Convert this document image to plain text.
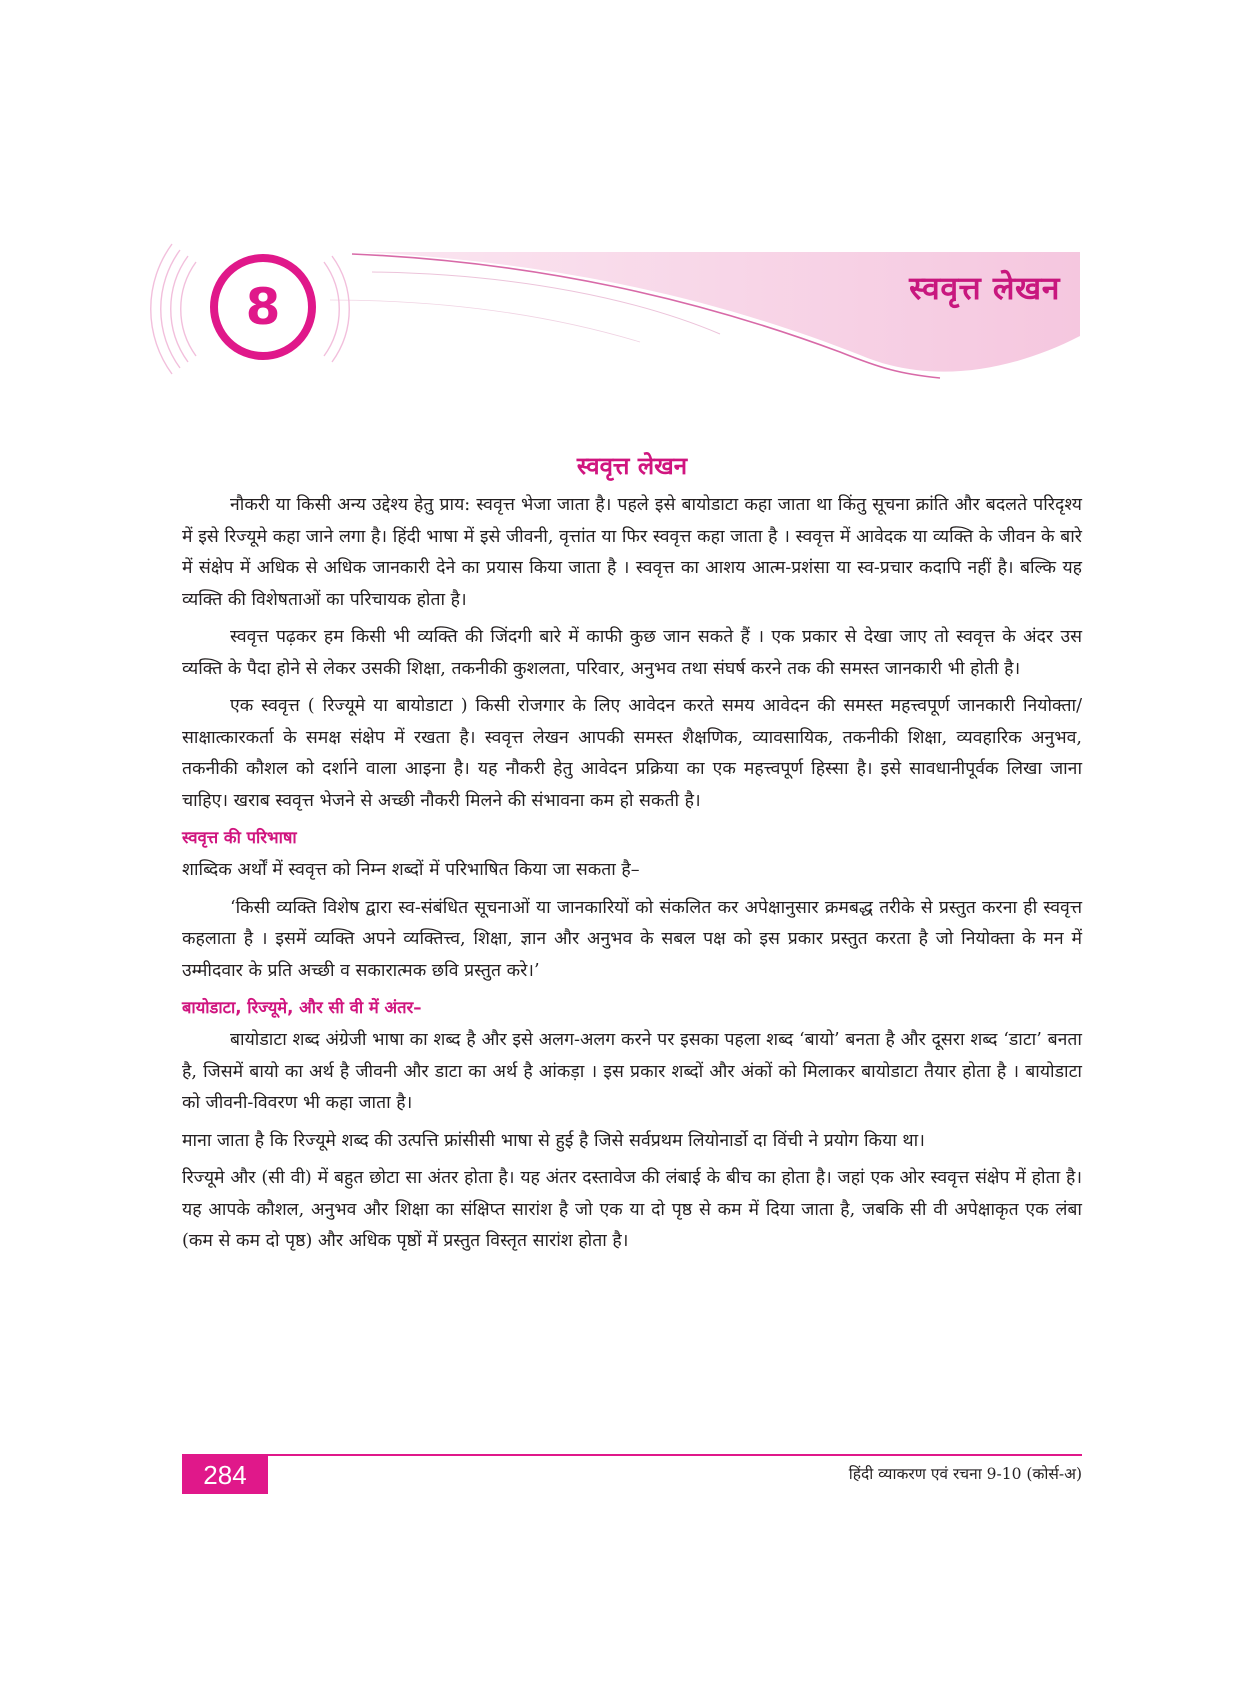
8	स्ववृत्त लेखन
स्ववृत्त लेखन

नौकरी या किसी अन्य उद्देश्य हेतु प्राय: स्ववृत्त भेजा जाता है। पहले इसे बायोडाटा कहा जाता था किंतु सूचना क्रांति और बदलते परिदृश्य में इसे रिज्यूमे कहा जाने लगा है। हिंदी भाषा में इसे जीवनी, वृत्तांत या फिर स्ववृत्त कहा जाता है । स्ववृत्त में आवेदक या व्यक्ति के जीवन के बारे में संक्षेप में अधिक से अधिक जानकारी देने का प्रयास किया जाता है । स्ववृत्त का आशय आत्म-प्रशंसा या स्व-प्रचार कदापि नहीं है। बल्कि यह व्यक्ति की विशेषताओं का परिचायक होता है।

स्ववृत्त पढ़कर हम किसी भी व्यक्ति की जिंदगी बारे में काफी कुछ जान सकते हैं । एक प्रकार से देखा जाए तो स्ववृत्त के अंदर उस व्यक्ति के पैदा होने से लेकर उसकी शिक्षा, तकनीकी कुशलता, परिवार, अनुभव तथा संघर्ष करने तक की समस्त जानकारी भी होती है।

एक स्ववृत्त ( रिज्यूमे या बायोडाटा ) किसी रोजगार के लिए आवेदन करते समय आवेदन की समस्त महत्त्वपूर्ण जानकारी नियोक्ता/साक्षात्कारकर्ता के समक्ष संक्षेप में रखता है। स्ववृत्त लेखन आपकी समस्त शैक्षणिक, व्यावसायिक, तकनीकी शिक्षा, व्यवहारिक अनुभव, तकनीकी कौशल को दर्शाने वाला आइना है। यह नौकरी हेतु आवेदन प्रक्रिया का एक महत्त्वपूर्ण हिस्सा है। इसे सावधानीपूर्वक लिखा जाना चाहिए। खराब स्ववृत्त भेजने से अच्छी नौकरी मिलने की संभावना कम हो सकती है।

स्ववृत्त की परिभाषा

शाब्दिक अर्थों में स्ववृत्त को निम्न शब्दों में परिभाषित किया जा सकता है–

‘किसी व्यक्ति विशेष द्वारा स्व-संबंधित सूचनाओं या जानकारियों को संकलित कर अपेक्षानुसार क्रमबद्ध तरीके से प्रस्तुत करना ही स्ववृत्त कहलाता है । इसमें व्यक्ति अपने व्यक्तित्त्व, शिक्षा, ज्ञान और अनुभव के सबल पक्ष को इस प्रकार प्रस्तुत करता है जो नियोक्ता के मन में उम्मीदवार के प्रति अच्छी व सकारात्मक छवि प्रस्तुत करे।’

बायोडाटा, रिज्यूमे, और सी वी में अंतर–

बायोडाटा शब्द अंग्रेजी भाषा का शब्द है और इसे अलग-अलग करने पर इसका पहला शब्द ‘बायो’ बनता है और दूसरा शब्द ‘डाटा’ बनता है, जिसमें बायो का अर्थ है जीवनी और डाटा का अर्थ है आंकड़ा । इस प्रकार शब्दों और अंकों को मिलाकर बायोडाटा तैयार होता है । बायोडाटा को जीवनी-विवरण भी कहा जाता है।

माना जाता है कि रिज्यूमे शब्द की उत्पत्ति फ्रांसीसी भाषा से हुई है जिसे सर्वप्रथम लियोनार्डो दा विंची ने प्रयोग किया था।

रिज्यूमे और (सी वी) में बहुत छोटा सा अंतर होता है। यह अंतर दस्तावेज की लंबाई के बीच का होता है। जहां एक ओर स्ववृत्त संक्षेप में होता है। यह आपके कौशल, अनुभव और शिक्षा का संक्षिप्त सारांश है जो एक या दो पृष्ठ से कम में दिया जाता है, जबकि सी वी अपेक्षाकृत एक लंबा (कम से कम दो पृष्ठ) और अधिक पृष्ठों में प्रस्तुत विस्तृत सारांश होता है।

284	हिंदी व्याकरण एवं रचना 9-10 (कोर्स-अ)
